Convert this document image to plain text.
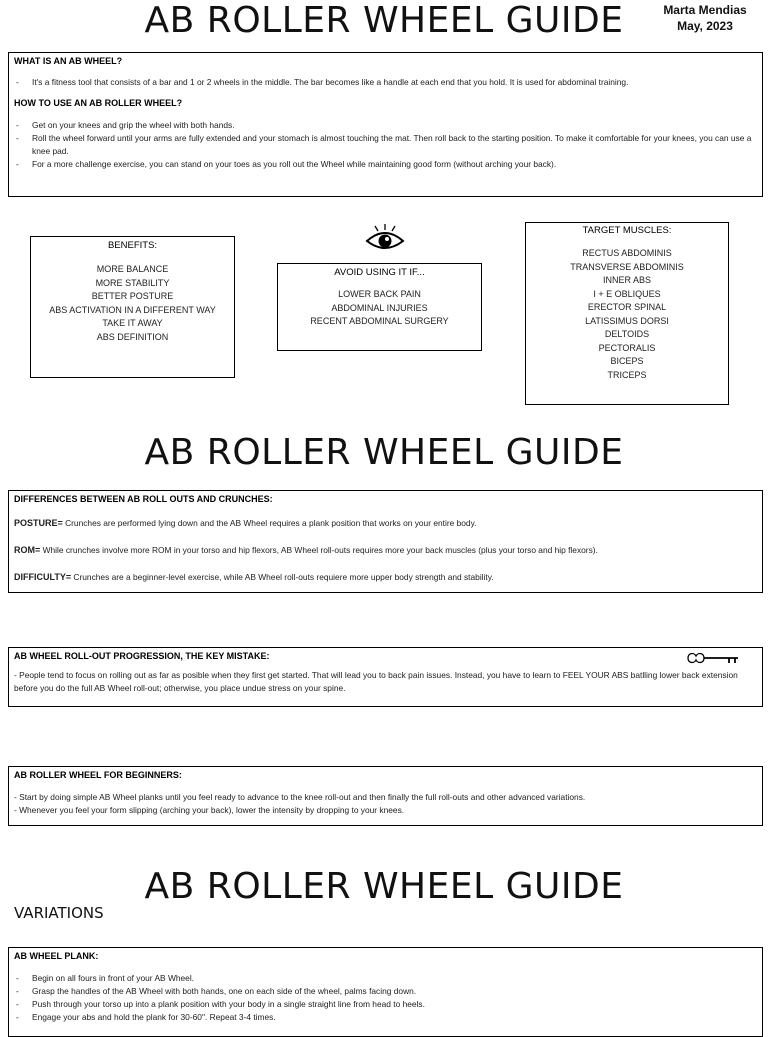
AB ROLLER WHEEL GUIDE	Marta Mendias
May, 2023
WHAT IS AN AB WHEEL?
- It's a fitness tool that consists of a bar and 1 or 2 wheels in the middle. The bar becomes like a handle at each end that you hold. It is used for abdominal training.
HOW TO USE AN AB ROLLER WHEEL?
- Get on your knees and grip the wheel with both hands.
- Roll the wheel forward until your arms are fully extended and your stomach is almost touching the mat. Then roll back to the starting position. To make it comfortable for your knees, you can use a knee pad.
- For a more challenge exercise, you can stand on your toes as you roll out the Wheel while maintaining good form (without arching your back).
BENEFITS:
MORE BALANCE
MORE STABILITY
BETTER POSTURE
ABS ACTIVATION IN A DIFFERENT WAY
TAKE IT AWAY
ABS DEFINITION
AVOID USING IT IF...
LOWER BACK PAIN
ABDOMINAL INJURIES
RECENT ABDOMINAL SURGERY
TARGET MUSCLES:
RECTUS ABDOMINIS
TRANSVERSE ABDOMINIS
INNER ABS
I + E OBLIQUES
ERECTOR SPINAL
LATISSIMUS DORSI
DELTOIDS
PECTORALIS
BICEPS
TRICEPS
AB ROLLER WHEEL GUIDE
DIFFERENCES BETWEEN AB ROLL OUTS AND CRUNCHES:

POSTURE= Crunches are performed lying down and the AB Wheel requires a plank position that works on your entire body.

ROM= While crunches involve more ROM in your torso and hip flexors, AB Wheel roll-outs requires more your back muscles (plus your torso and hip flexors).

DIFFICULTY= Crunches are a beginner-level exercise, while AB Wheel roll-outs requiere more upper body strength and stability.

AB WHEEL ROLL-OUT PROGRESSION, THE KEY MISTAKE:

- People tend to focus on rolling out as far as posible when they first get started. That will lead you to back pain issues. Instead, you have to learn to FEEL YOUR ABS batlling lower back extension before you do the full AB Wheel roll-out; otherwise, you place undue stress on your spine.

AB ROLLER WHEEL FOR BEGINNERS:

- Start by doing simple AB Wheel planks until you feel ready to advance to the knee roll-out and then finally the full roll-outs and other advanced variations.

- Whenever you feel your form slipping (arching your back), lower the intensity by dropping to your knees.

AB ROLLER WHEEL GUIDE
VARIATIONS
AB WHEEL PLANK:
- Begin on all fours in front of your AB Wheel.
- Grasp the handles of the AB Wheel with both hands, one on each side of the wheel, palms facing down.
- Push through your torso up into a plank position with your body in a single straight line from head to heels.
- Engage your abs and hold the plank for 30-60". Repeat 3-4 times.
